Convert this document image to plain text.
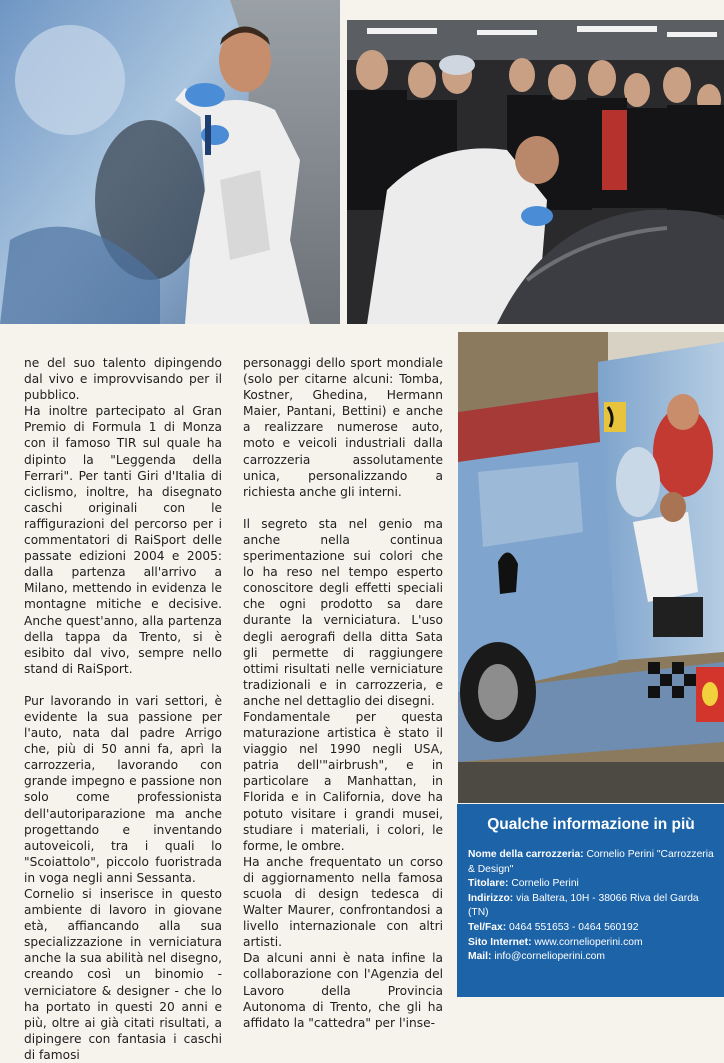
ne del suo talento dipingendo dal vivo e improvvisando per il pubblico.

Ha inoltre partecipato al Gran Premio di Formula 1 di Monza con il famoso TIR sul quale ha dipinto la "Leggenda della Ferrari". Per tanti Giri d'Italia di ciclismo, inoltre, ha disegnato caschi originali con le raffigurazioni del percorso per i commentatori di RaiSport delle passate edizioni 2004 e 2005: dalla partenza all'arrivo a Milano, mettendo in evidenza le montagne mitiche e decisive. Anche quest'anno, alla partenza della tappa da Trento, si è esibito dal vivo, sempre nello stand di RaiSport.

Pur lavorando in vari settori, è evidente la sua passione per l'auto, nata dal padre Arrigo che, più di 50 anni fa, aprì la carrozzeria, lavorando con grande impegno e passione non solo come professionista dell'autoriparazione ma anche progettando e inventando autoveicoli, tra i quali lo "Scoiattolo", piccolo fuoristrada in voga negli anni Sessanta.

Cornelio si inserisce in questo ambiente di lavoro in giovane età, affiancando alla sua specializzazione in verniciatura anche la sua abilità nel disegno, creando così un binomio - verniciatore & designer - che lo ha portato in questi 20 anni e più, oltre ai già citati risultati, a dipingere con fantasia i caschi di famosi

personaggi dello sport mondiale (solo per citarne alcuni: Tomba, Kostner, Ghedina, Hermann Maier, Pantani, Bettini) e anche a realizzare numerose auto, moto e veicoli industriali dalla carrozzeria assolutamente unica, personalizzando a richiesta anche gli interni.

Il segreto sta nel genio ma anche nella continua sperimentazione sui colori che lo ha reso nel tempo esperto conoscitore degli effetti speciali che ogni prodotto sa dare durante la verniciatura. L'uso degli aerografi della ditta Sata gli permette di raggiungere ottimi risultati nelle verniciature tradizionali e in carrozzeria, e anche nel dettaglio dei disegni.

Fondamentale per questa maturazione artistica è stato il viaggio nel 1990 negli USA, patria dell'"airbrush", e in particolare a Manhattan, in Florida e in California, dove ha potuto visitare i grandi musei, studiare i materiali, i colori, le forme, le ombre.

Ha anche frequentato un corso di aggiornamento nella famosa scuola di design tedesca di Walter Maurer, confrontandosi a livello internazionale con altri artisti.

Da alcuni anni è nata infine la collaborazione con l'Agenzia del Lavoro della Provincia Autonoma di Trento, che gli ha affidato la "cattedra" per l'inse-

Qualche informazione in più
Nome della carrozzeria: Cornelio Perini "Carrozzeria & Design"
Titolare: Cornelio Perini
Indirizzo: via Baltera, 10H - 38066 Riva del Garda (TN)
Tel/Fax: 0464 551653 - 0464 560192
Sito Internet: www.cornelioperini.com
Mail: info@cornelioperini.com
